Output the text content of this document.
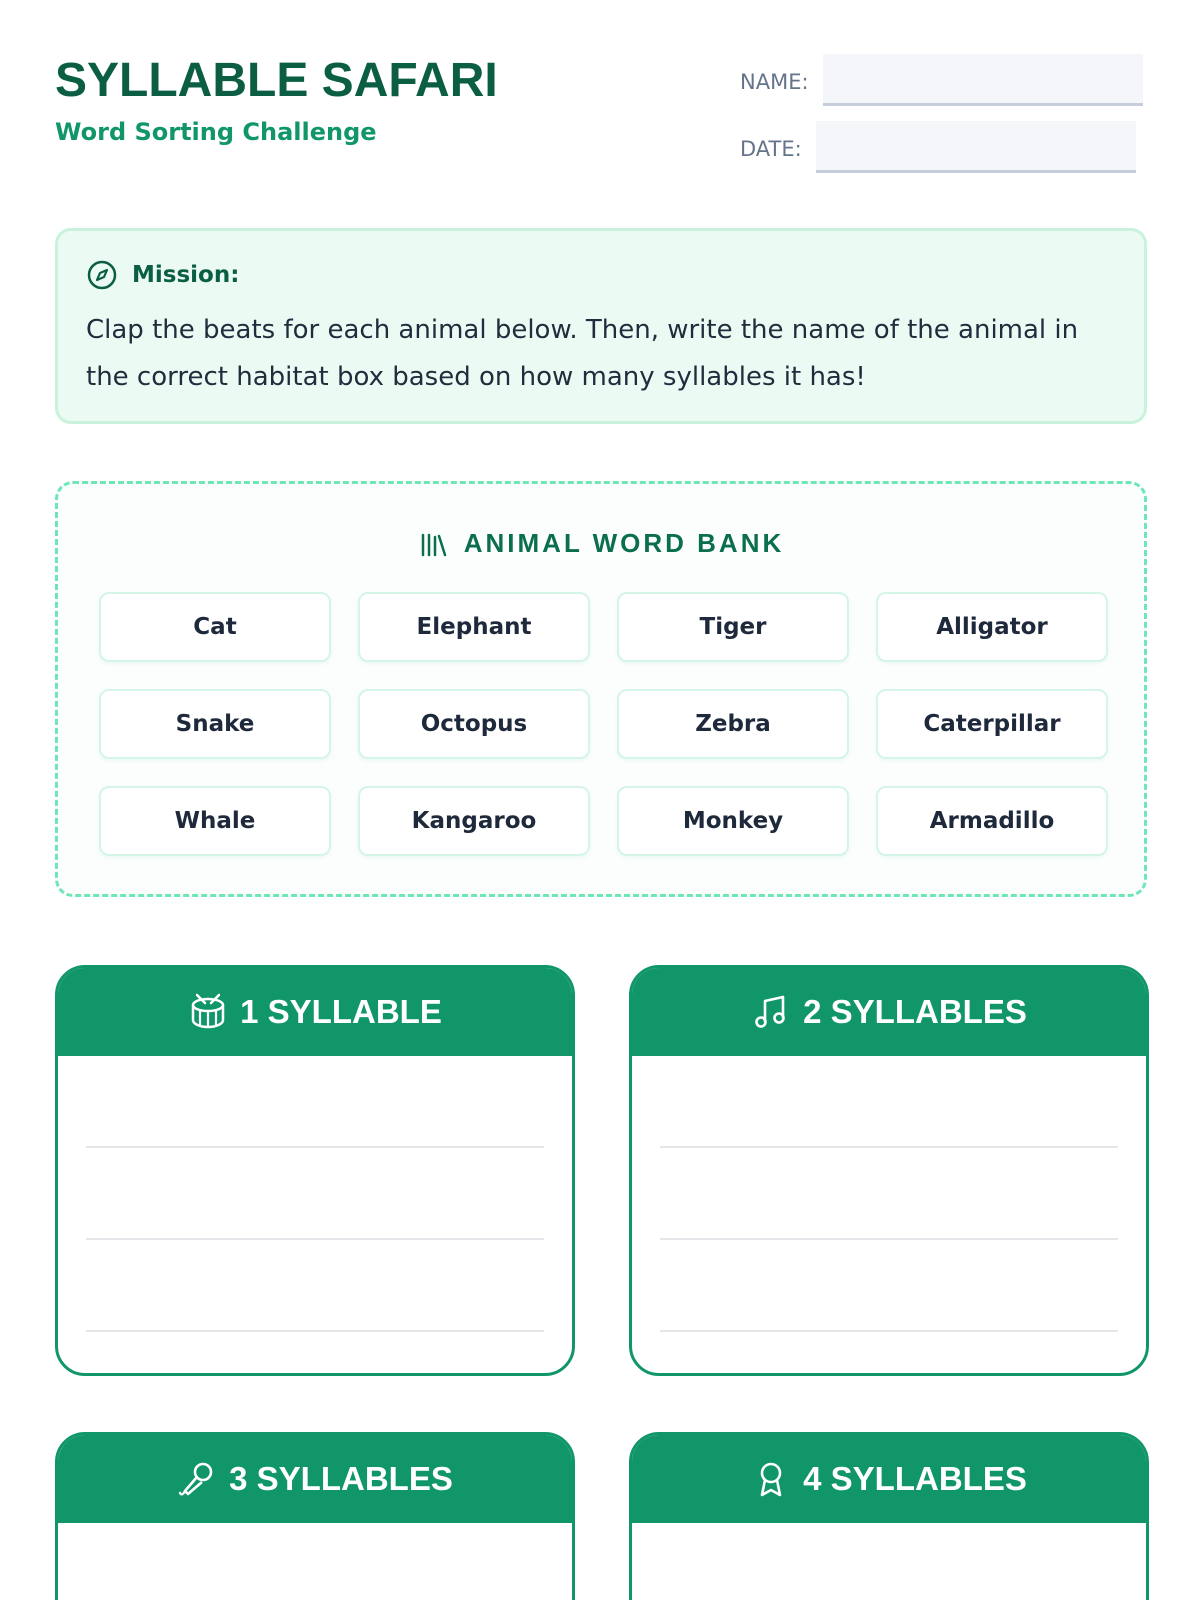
SYLLABLE SAFARI
Word Sorting Challenge
NAME:
DATE:
Mission:
Clap the beats for each animal below. Then, write the name of the animal in the correct habitat box based on how many syllables it has!
ANIMAL WORD BANK
Cat	Elephant	Tiger	Alligator
Snake	Octopus	Zebra	Caterpillar
Whale	Kangaroo	Monkey	Armadillo
1 SYLLABLE	2 SYLLABLES
3 SYLLABLES	4 SYLLABLES
